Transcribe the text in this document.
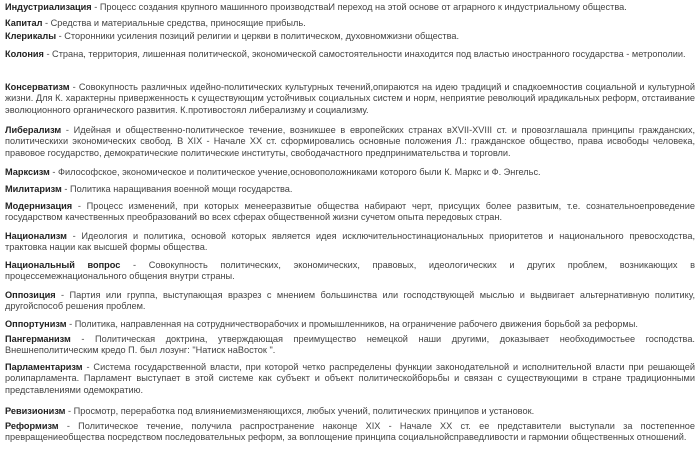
Индустриализация - Процесс создания крупного машинного производстваИ переход на этой основе от аграрного к индустриальному общества.

Капитал - Средства и материальные средства, приносящие прибыль.

Клерикалы - Сторонники усиления позиций религии и церкви в политическом, духовномжизни общества.

Колония - Страна, территория, лишенная политической, экономической самостоятельности инаходится под властью иностранного государства - метрополии.

Консерватизм - Совокупность различных идейно-политических культурных течений,опираются на идею традиций и спадкоемностив социальной и культурной жизни. Для К. характерны приверженность к существующим устойчивых социальных систем и норм, неприятие революций ирадикальных реформ, отстаивание эволюционного органического развития. К.противостоял либерализму и социализму.

Либерализм - Идейная и общественно-политическое течение, возникшее в европейских странах вXVII-XVIII ст. и провозглашала принципы гражданских, политическихи экономических свобод. В XIX - Начале XX ст. сформировались основные положения Л.: гражданское общество, права исвободы человека, правовое государство, демократические политические институты, свободачастного предпринимательства и торговли.

Марксизм - Философское, экономическое и политическое учение,основоположниками которого были К. Маркс и Ф. Энгельс.

Милитаризм - Политика наращивания военной мощи государства.

Модернизация - Процесс изменений, при которых менееразвитые общества набирают черт, присущих более развитым, т.е. сознательноепроведение государством качественных преобразований во всех сферах общественной жизни сучетом опыта передовых стран.

Национализм - Идеология и политика, основой которых является идея исключительностинациональных приоритетов и национального превосходства, трактовка нации как высшей формы общества.

Национальный вопрос - Совокупность политических, экономических, правовых, идеологических и других проблем, возникающих в процессемежнационального общения внутри страны.

Оппозиция - Партия или группа, выступающая вразрез с мнением большинства или господствующей мыслью и выдвигает альтернативную политику, другойспособ решения проблем.

Оппортунизм - Политика, направленная на сотрудничестворабочих и промышленников, на ограничение рабочего движения борьбой за реформы.

Пангерманизм - Политическая доктрина, утверждающая преимущество немецкой наши другими, доказывает необходимостьее господства. Внешнеполитическим кредо П. был лозунг: "Натиск наВосток ".

Парламентаризм - Система государственной власти, при которой четко распределены функции законодательной и исполнительной власти при решающей ролипарламента. Парламент выступает в этой системе как субъект и объект политическойборьбы и связан с существующими в стране традиционными представлениями одемократию.

Ревизионизм - Просмотр, переработка под влияниемизменяющихся, любых учений, политических принципов и установок.

Реформизм - Политическое течение, получила распространение наконце XIX - Начале XX ст. ее представители выступали за постепенное превращениеобщества посредством последовательных реформ, за воплощение принципа социальнойсправедливости и гармонии общественных отношений.
